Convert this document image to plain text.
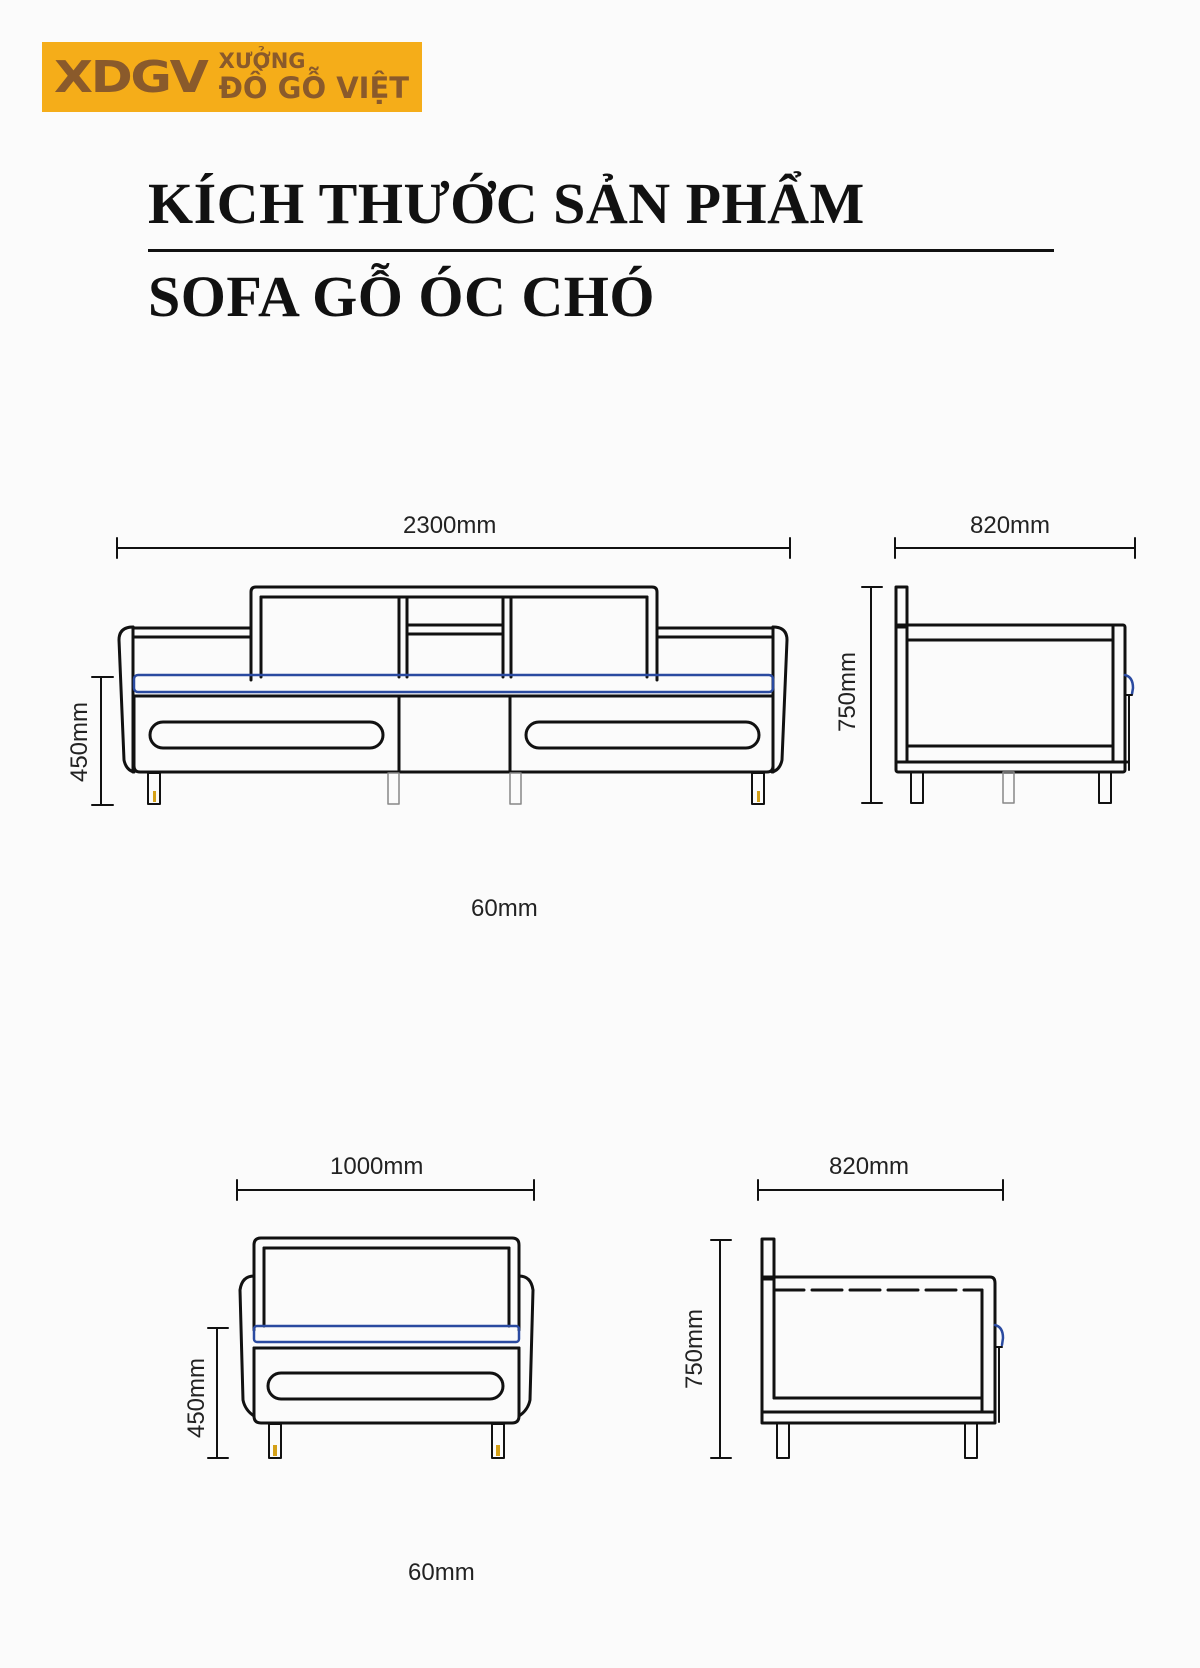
XDGV XƯỞNG
ĐỒ GỖ VIỆT
KÍCH THƯỚC SẢN PHẨM
SOFA GỖ ÓC CHÓ
2300mm
450mm
60mm
820mm
750mm
1000mm
450mm
60mm
820mm
750mm
